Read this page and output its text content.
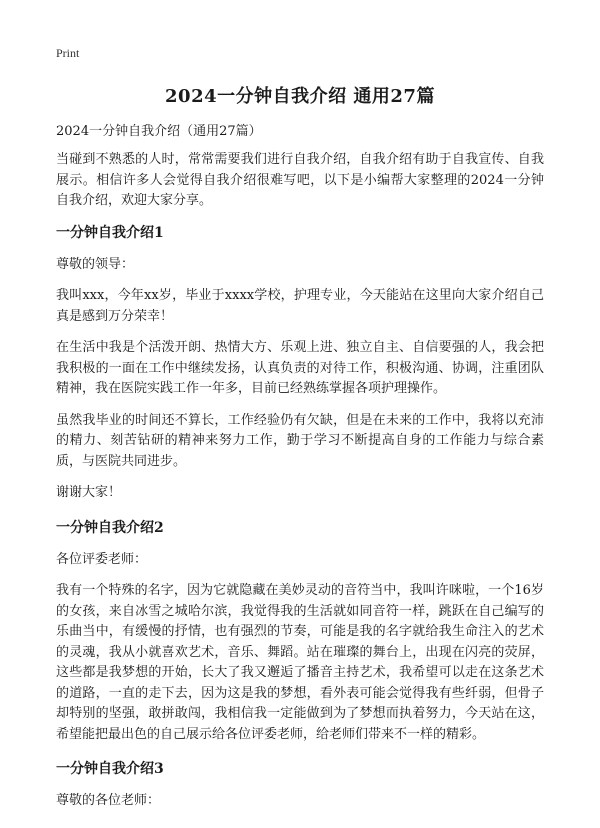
Print
2024一分钟自我介绍 通用27篇

2024一分钟自我介绍（通用27篇）

当碰到不熟悉的人时，常常需要我们进行自我介绍，自我介绍有助于自我宣传、自我展示。相信许多人会觉得自我介绍很难写吧，以下是小编帮大家整理的2024一分钟自我介绍，欢迎大家分享。

一分钟自我介绍1

尊敬的领导：

我叫xxx，今年xx岁，毕业于xxxx学校，护理专业，今天能站在这里向大家介绍自己真是感到万分荣幸！

在生活中我是个活泼开朗、热情大方、乐观上进、独立自主、自信要强的人，我会把我积极的一面在工作中继续发扬，认真负责的对待工作，积极沟通、协调，注重团队精神，我在医院实践工作一年多，目前已经熟练掌握各项护理操作。

虽然我毕业的时间还不算长，工作经验仍有欠缺，但是在未来的工作中，我将以充沛的精力、刻苦钻研的精神来努力工作，勤于学习不断提高自身的工作能力与综合素质，与医院共同进步。

谢谢大家！

一分钟自我介绍2

各位评委老师：

我有一个特殊的名字，因为它就隐藏在美妙灵动的音符当中，我叫许咪啦，一个16岁的女孩，来自冰雪之城哈尔滨，我觉得我的生活就如同音符一样，跳跃在自己编写的乐曲当中，有缓慢的抒情，也有强烈的节奏，可能是我的名字就给我生命注入的艺术的灵魂，我从小就喜欢艺术，音乐、舞蹈。站在璀璨的舞台上，出现在闪亮的荧屏，这些都是我梦想的开始，长大了我又邂逅了播音主持艺术，我希望可以走在这条艺术的道路，一直的走下去，因为这是我的梦想，看外表可能会觉得我有些纤弱，但骨子却特别的坚强，敢拼敢闯，我相信我一定能做到为了梦想而执着努力，今天站在这，希望能把最出色的自己展示给各位评委老师，给老师们带来不一样的精彩。

一分钟自我介绍3

尊敬的各位老师：
